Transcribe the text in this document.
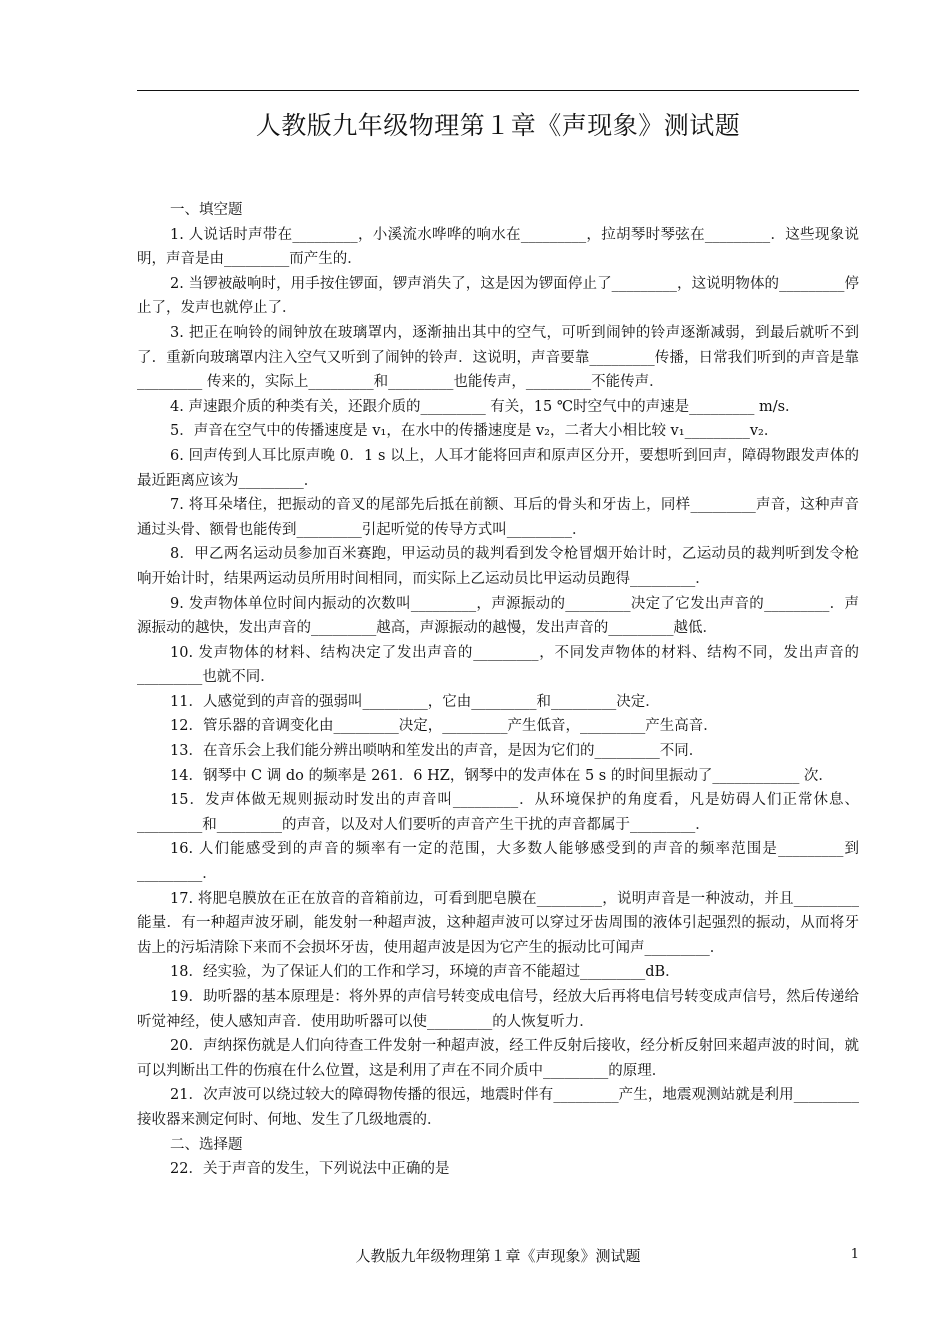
人教版九年级物理第１章《声现象》测试题

一、填空题

1. 人说话时声带在_________，小溪流水哗哗的响水在_________，拉胡琴时琴弦在_________．这些现象说明，声音是由_________而产生的．

2. 当锣被敲响时，用手按住锣面，锣声消失了，这是因为锣面停止了_________，这说明物体的_________停止了，发声也就停止了．

3. 把正在响铃的闹钟放在玻璃罩内，逐渐抽出其中的空气，可听到闹钟的铃声逐渐减弱，到最后就听不到了．重新向玻璃罩内注入空气又听到了闹钟的铃声．这说明，声音要靠_________传播，日常我们听到的声音是靠_________ 传来的，实际上_________和_________也能传声，_________不能传声．

4. 声速跟介质的种类有关，还跟介质的_________ 有关，15 ℃时空气中的声速是_________ m/s．

5．声音在空气中的传播速度是 v₁，在水中的传播速度是 v₂，二者大小相比较 v₁_________v₂．

6. 回声传到人耳比原声晚 0．1 s 以上，人耳才能将回声和原声区分开，要想听到回声，障碍物跟发声体的最近距离应该为_________．

7. 将耳朵堵住，把振动的音叉的尾部先后抵在前额、耳后的骨头和牙齿上，同样_________声音，这种声音通过头骨、额骨也能传到_________引起听觉的传导方式叫_________．

8．甲乙两名运动员参加百米赛跑，甲运动员的裁判看到发令枪冒烟开始计时，乙运动员的裁判听到发令枪响开始计时，结果两运动员所用时间相同，而实际上乙运动员比甲运动员跑得_________．

9. 发声物体单位时间内振动的次数叫_________，声源振动的_________决定了它发出声音的_________．声源振动的越快，发出声音的_________越高，声源振动的越慢，发出声音的_________越低．

10. 发声物体的材料、结构决定了发出声音的_________，不同发声物体的材料、结构不同，发出声音的_________也就不同．

11．人感觉到的声音的强弱叫_________，它由_________和_________决定．

12．管乐器的音调变化由_________决定，_________产生低音，_________产生高音．

13．在音乐会上我们能分辨出唢呐和笙发出的声音，是因为它们的_________不同．

14．钢琴中 C 调 do 的频率是 261．6 HZ，钢琴中的发声体在 5 s 的时间里振动了____________ 次．

15．发声体做无规则振动时发出的声音叫_________．从环境保护的角度看，凡是妨碍人们正常休息、_________和_________的声音，以及对人们要听的声音产生干扰的声音都属于_________．

16. 人们能感受到的声音的频率有一定的范围，大多数人能够感受到的声音的频率范围是_________到_________．

17. 将肥皂膜放在正在放音的音箱前边，可看到肥皂膜在_________，说明声音是一种波动，并且_________能量．有一种超声波牙刷，能发射一种超声波，这种超声波可以穿过牙齿周围的液体引起强烈的振动，从而将牙齿上的污垢清除下来而不会损坏牙齿，使用超声波是因为它产生的振动比可闻声_________．

18．经实验，为了保证人们的工作和学习，环境的声音不能超过_________dB．

19．助听器的基本原理是：将外界的声信号转变成电信号，经放大后再将电信号转变成声信号，然后传递给听觉神经，使人感知声音．使用助听器可以使_________的人恢复听力．

20．声纳探伤就是人们向待查工件发射一种超声波，经工件反射后接收，经分析反射回来超声波的时间，就可以判断出工件的伤痕在什么位置，这是利用了声在不同介质中_________的原理．

21．次声波可以绕过较大的障碍物传播的很远，地震时伴有_________产生，地震观测站就是利用_________接收器来测定何时、何地、发生了几级地震的．

二、选择题

22．关于声音的发生，下列说法中正确的是

人教版九年级物理第１章《声现象》测试题	1
